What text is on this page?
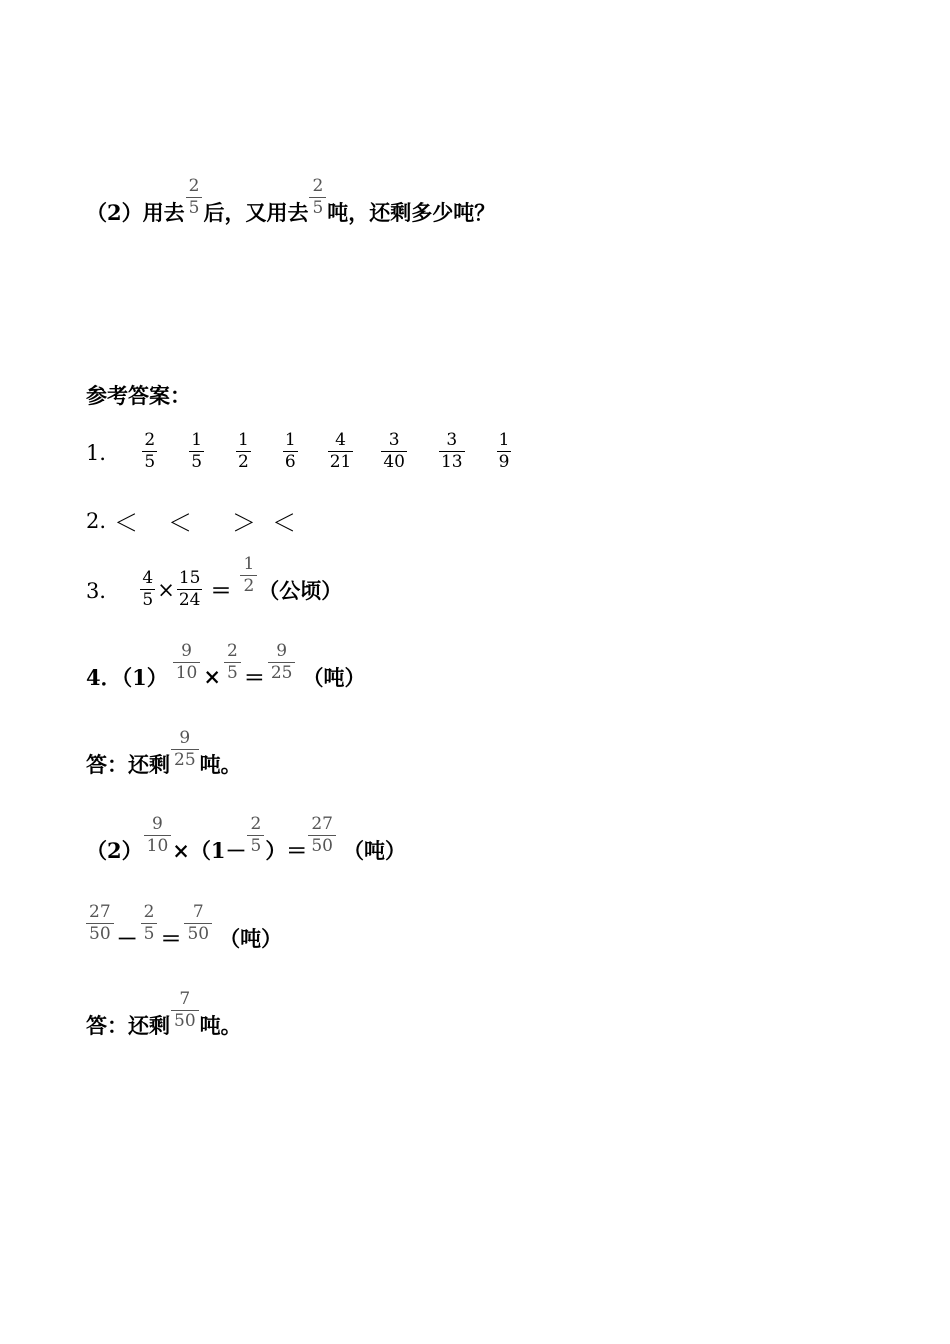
（2）用去 $\frac{2}{5}$ 后，又用去 $\frac{2}{5}$ 吨，还剩多少吨？
参考答案：
1． $\frac{2}{5} \frac{1}{5} \frac{1}{2} \frac{1}{6} \frac{4}{21} \frac{3}{40} \frac{3}{13} \frac{1}{9}$
2. ＜ ＜ ＞ ＜
3． $\frac{4}{5} \times \frac{15}{24} = \frac{1}{2}$ （公顷）
4．$(1) \frac{9}{10} \times \frac{2}{5} = \frac{9}{25}$ （吨）
答：还剩 $\frac{9}{25}$ 吨。
$(2) \frac{9}{10} \times(1- \frac{2}{5}$ ）＝ $\frac{27}{50}$ （吨）
$\frac{27}{50} - \frac{2}{5} = \frac{7}{50}$ （吨）
答：还剩 $\frac{7}{50}$ 吨。
